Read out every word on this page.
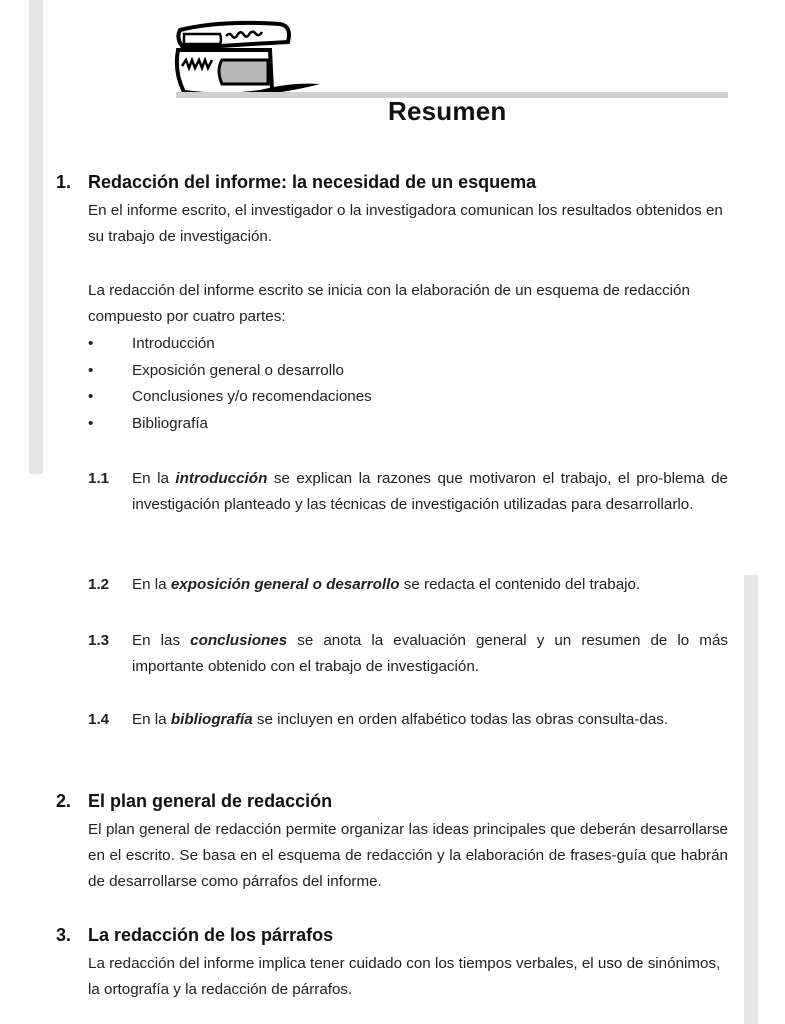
Resumen
1. Redacción del informe: la necesidad de un esquema
En el informe escrito, el investigador o la investigadora comunican los resultados obtenidos en su trabajo de investigación.
La redacción del informe escrito se inicia con la elaboración de un esquema de redacción compuesto por cuatro partes:
•	Introducción
•	Exposición general o desarrollo
•	Conclusiones y/o recomendaciones
•	Bibliografía
1.1 En la introducción se explican la razones que motivaron el trabajo, el pro-blema de investigación planteado y las técnicas de investigación utilizadas para desarrollarlo.
1.2 En la exposición general o desarrollo se redacta el contenido del trabajo.
1.3 En las conclusiones se anota la evaluación general y un resumen de lo más importante obtenido con el trabajo de investigación.
1.4 En la bibliografía se incluyen en orden alfabético todas las obras consulta-das.
2. El plan general de redacción
El plan general de redacción permite organizar las ideas principales que deberán desarrollarse en el escrito. Se basa en el esquema de redacción y la elaboración de frases-guía que habrán de desarrollarse como párrafos del informe.
3. La redacción de los párrafos
La redacción del informe implica tener cuidado con los tiempos verbales, el uso de sinónimos, la ortografía y la redacción de párrafos.
